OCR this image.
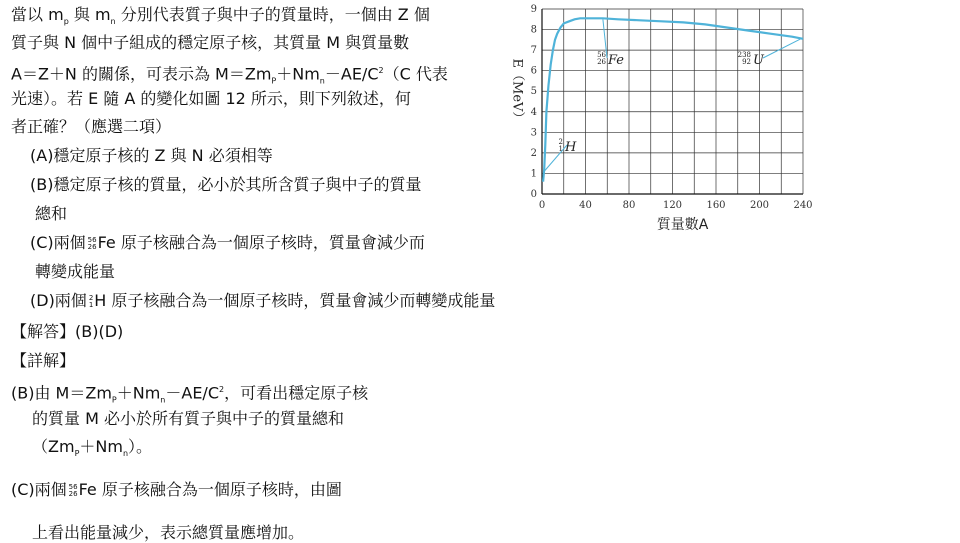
當以 $m_p$ 與 $m_n$ 分別代表質子與中子的質量時，一個由 Z 個
質子與 N 個中子組成的穩定原子核，其質量 M 與質量數
A＝Z＋N 的關係，可表示為 $M=Zm_P+Nm_n-AE/C^2(C$ 代表
光速）。若 E 隨 A 的變化如圖 12 所示，則下列敘述，何
者正確？（應選二項）
(A)穩定原子核的 Z 與 N 必須相等
(B)穩定原子核的質量，必小於其所含質子與中子的質量
總和
(C)兩個 56
26 Fe 原子核融合為一個原子核時，質量會減少而
轉變成能量
(D)兩個 2
1 H 原子核融合為一個原子核時，質量會減少而轉變成能量
【解答】(B)(D)
【詳解】
(B)由 $M=Zm_P+Nm_n-AE/C^2$，可看出穩定原子核
的質量 M 必小於所有質子與中子的質量總和
$(Zm_P+Nm_n)$。
(C)兩個 56
26 Fe 原子核融合為一個原子核時，由圖
上看出能量減少，表示總質量應增加。
0	40	80	120 160 200 240
0
1
2
3
4
5
6
7
8
9
質量數A
E（MeV）
2
1 H
56
26 Fe	238
92 U
